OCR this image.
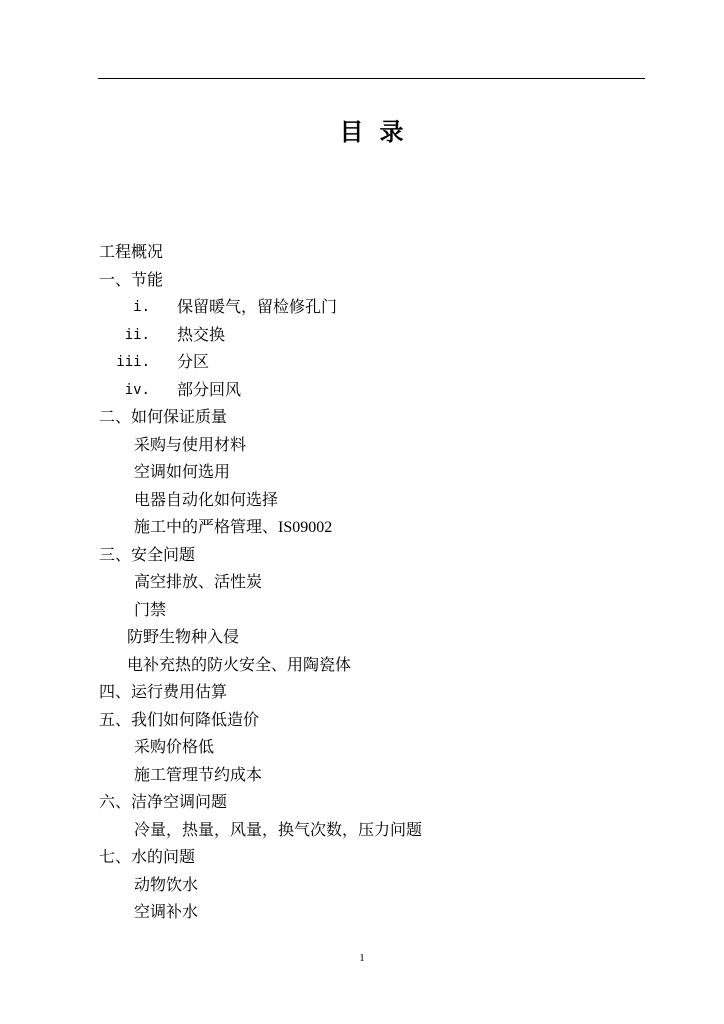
目 录
工程概况
一、节能
i. 保留暖气，留检修孔门
ii. 热交换
iii. 分区
iv. 部分回风
二、如何保证质量
采购与使用材料
空调如何选用
电器自动化如何选择
施工中的严格管理、IS09002
三、安全问题
高空排放、活性炭
门禁
防野生物种入侵
电补充热的防火安全、用陶瓷体
四、运行费用估算
五、我们如何降低造价
采购价格低
施工管理节约成本
六、洁净空调问题
冷量，热量，风量，换气次数，压力问题
七、水的问题
动物饮水
空调补水
1
